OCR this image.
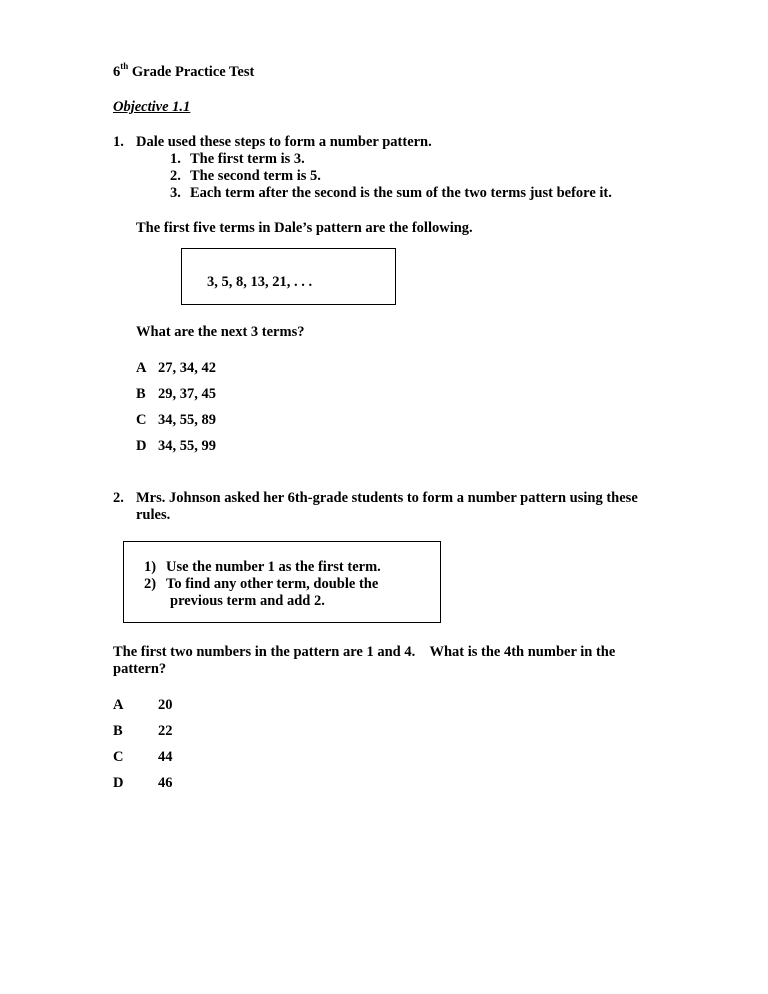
6th Grade Practice Test
Objective 1.1
1. Dale used these steps to form a number pattern.
1. The first term is 3.
2. The second term is 5.
3. Each term after the second is the sum of the two terms just before it.
The first five terms in Dale’s pattern are the following.
3, 5, 8, 13, 21, . . .
What are the next 3 terms?
A 27, 34, 42
B 29, 37, 45
C 34, 55, 89
D 34, 55, 99
2. Mrs. Johnson asked her 6th-grade students to form a number pattern using these
rules.
1) Use the number 1 as the first term.
2) To find any other term, double the
previous term and add 2.
The first two numbers in the pattern are 1 and 4.    What is the 4th number in the
pattern?
A 20
B 22
C 44
D 46
